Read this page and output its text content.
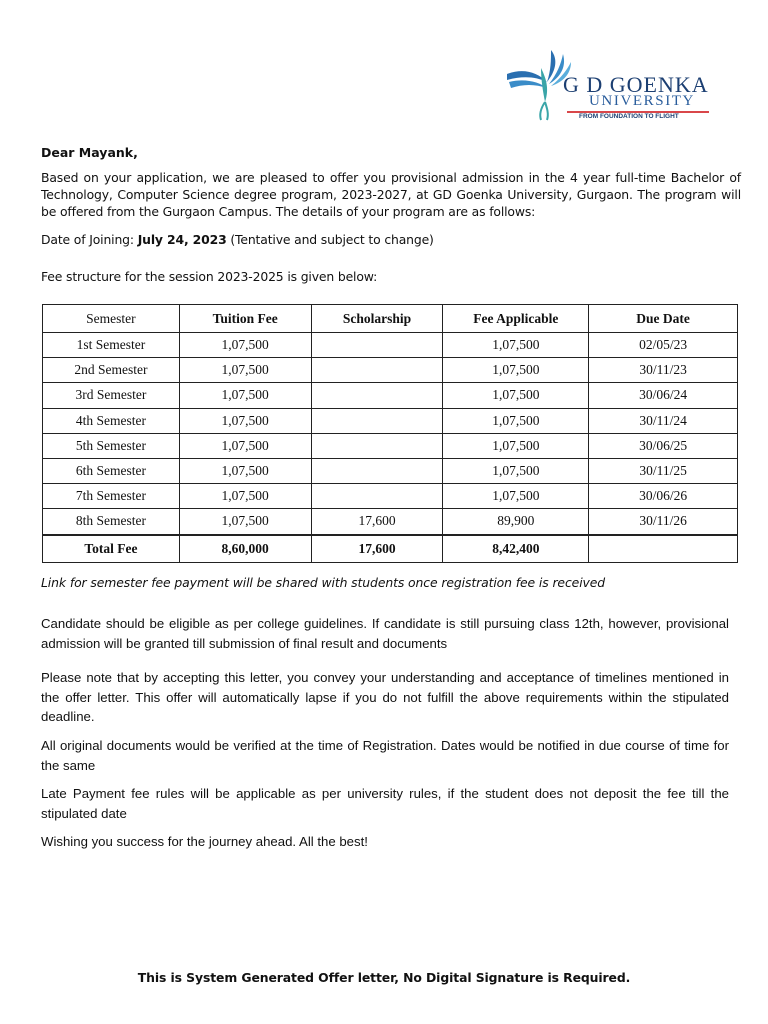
G D GOENKA
UNIVERSITY
FROM FOUNDATION TO FLIGHT
Dear Mayank,
Based on your application, we are pleased to offer you provisional admission in the 4 year full-time Bachelor of Technology, Computer Science degree program, 2023-2027, at GD Goenka University, Gurgaon. The program will be offered from the Gurgaon Campus. The details of your program are as follows:
Date of Joining: July 24, 2023 (Tentative and subject to change)
Fee structure for the session 2023-2025 is given below:
Semester	Tuition Fee	Scholarship	Fee Applicable	Due Date
1st Semester	1,07,500		1,07,500	02/05/23
2nd Semester	1,07,500		1,07,500	30/11/23
3rd Semester	1,07,500		1,07,500	30/06/24
4th Semester	1,07,500		1,07,500	30/11/24
5th Semester	1,07,500		1,07,500	30/06/25
6th Semester	1,07,500		1,07,500	30/11/25
7th Semester	1,07,500		1,07,500	30/06/26
8th Semester	1,07,500	17,600	89,900	30/11/26
Total Fee	8,60,000	17,600	8,42,400	
Link for semester fee payment will be shared with students once registration fee is received
Candidate should be eligible as per college guidelines. If candidate is still pursuing class 12th, however, provisional admission will be granted till submission of final result and documents
Please note that by accepting this letter, you convey your understanding and acceptance of timelines mentioned in the offer letter. This offer will automatically lapse if you do not fulfill the above requirements within the stipulated deadline.
All original documents would be verified at the time of Registration. Dates would be notified in due course of time for the same
Late Payment fee rules will be applicable as per university rules, if the student does not deposit the fee till the stipulated date
Wishing you success for the journey ahead. All the best!
This is System Generated Offer letter, No Digital Signature is Required.
